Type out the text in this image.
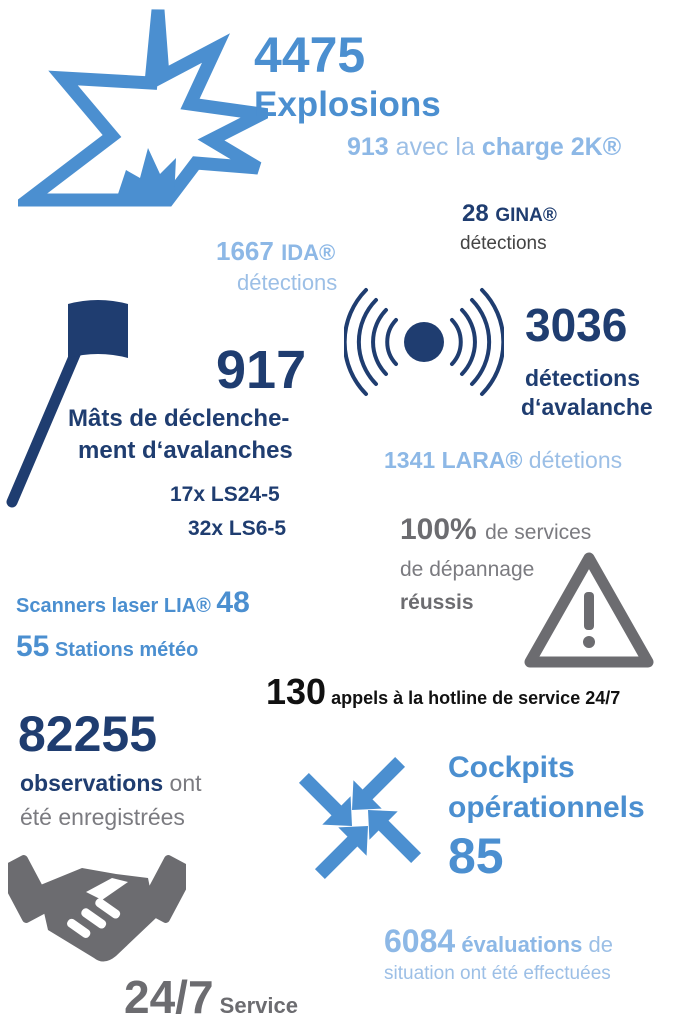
4475
Explosions
913 avec la charge 2K®
28 GINA®
détections
1667 IDA®
détections
3036
détections
d‘avalanche
917
Mâts de déclenche-
ment d‘avalanches
17x LS24-5
32x LS6-5
1341 LARA® détetions
100% de services
de dépannage
réussis
Scanners laser LIA® 48
55 Stations météo
130 appels à la hotline de service 24/7
82255
observations ont
été enregistrées
Cockpits
opérationnels
85
24/7 Service
6084 évaluations de
situation ont été effectuées
